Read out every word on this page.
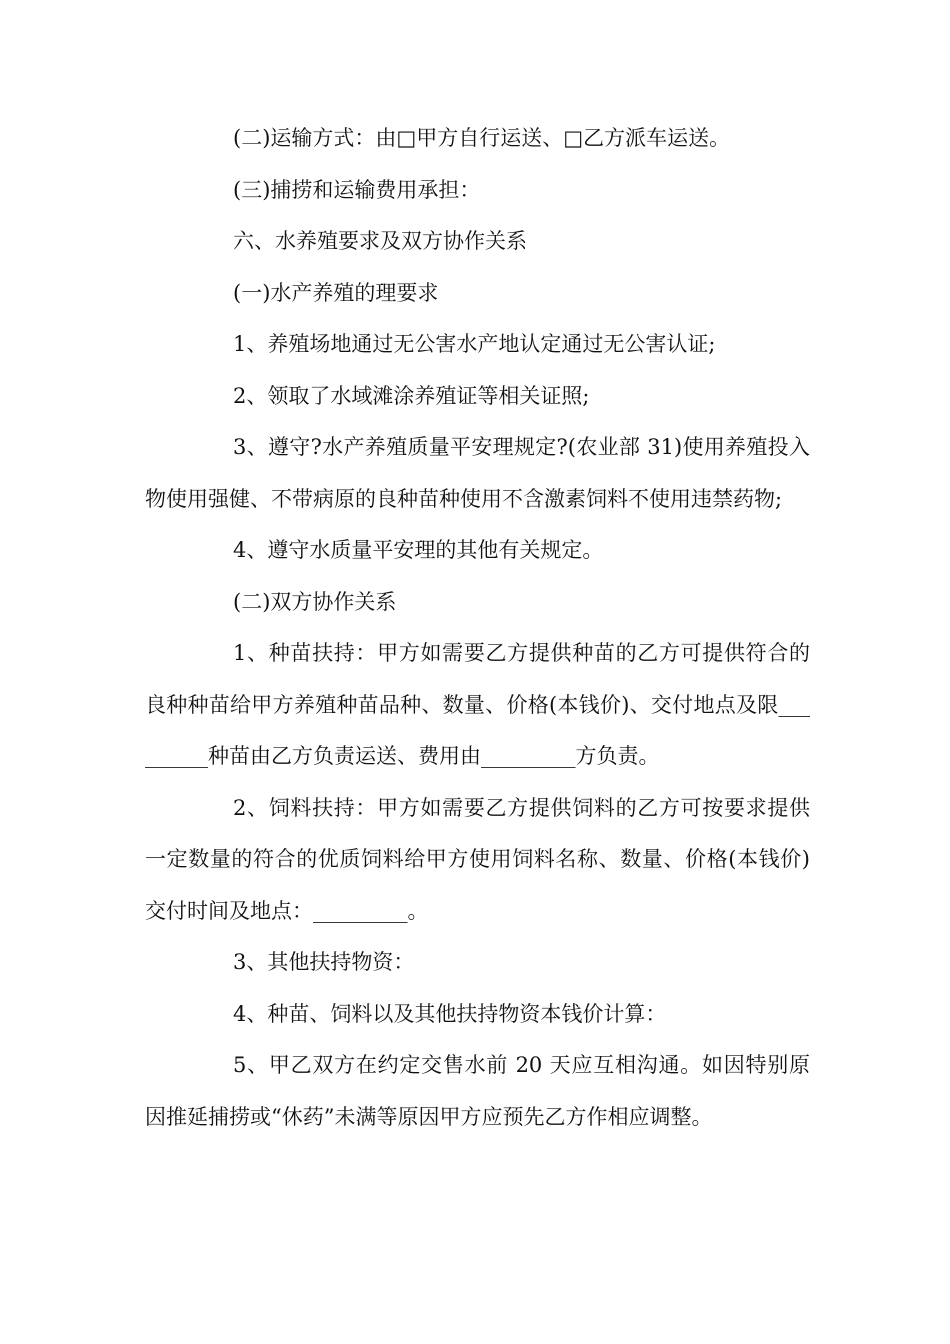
(二)运输方式：由□甲方自行运送、□乙方派车运送。

(三)捕捞和运输费用承担：

六、水养殖要求及双方协作关系

(一)水产养殖的理要求

1、养殖场地通过无公害水产地认定通过无公害认证;

2、领取了水域滩涂养殖证等相关证照;

3、遵守?水产养殖质量平安理规定?(农业部 31)使用养殖投入物使用强健、不带病原的良种苗种使用不含激素饲料不使用违禁药物;

4、遵守水质量平安理的其他有关规定。

(二)双方协作关系

1、种苗扶持：甲方如需要乙方提供种苗的乙方可提供符合的良种种苗给甲方养殖种苗品种、数量、价格(本钱价)、交付地点及限_________种苗由乙方负责运送、费用由_________方负责。

2、饲料扶持：甲方如需要乙方提供饲料的乙方可按要求提供一定数量的符合的优质饲料给甲方使用饲料名称、数量、价格(本钱价)交付时间及地点：_________。

3、其他扶持物资：

4、种苗、饲料以及其他扶持物资本钱价计算：

5、甲乙双方在约定交售水前 20 天应互相沟通。如因特别原因推延捕捞或“休药”未满等原因甲方应预先乙方作相应调整。
